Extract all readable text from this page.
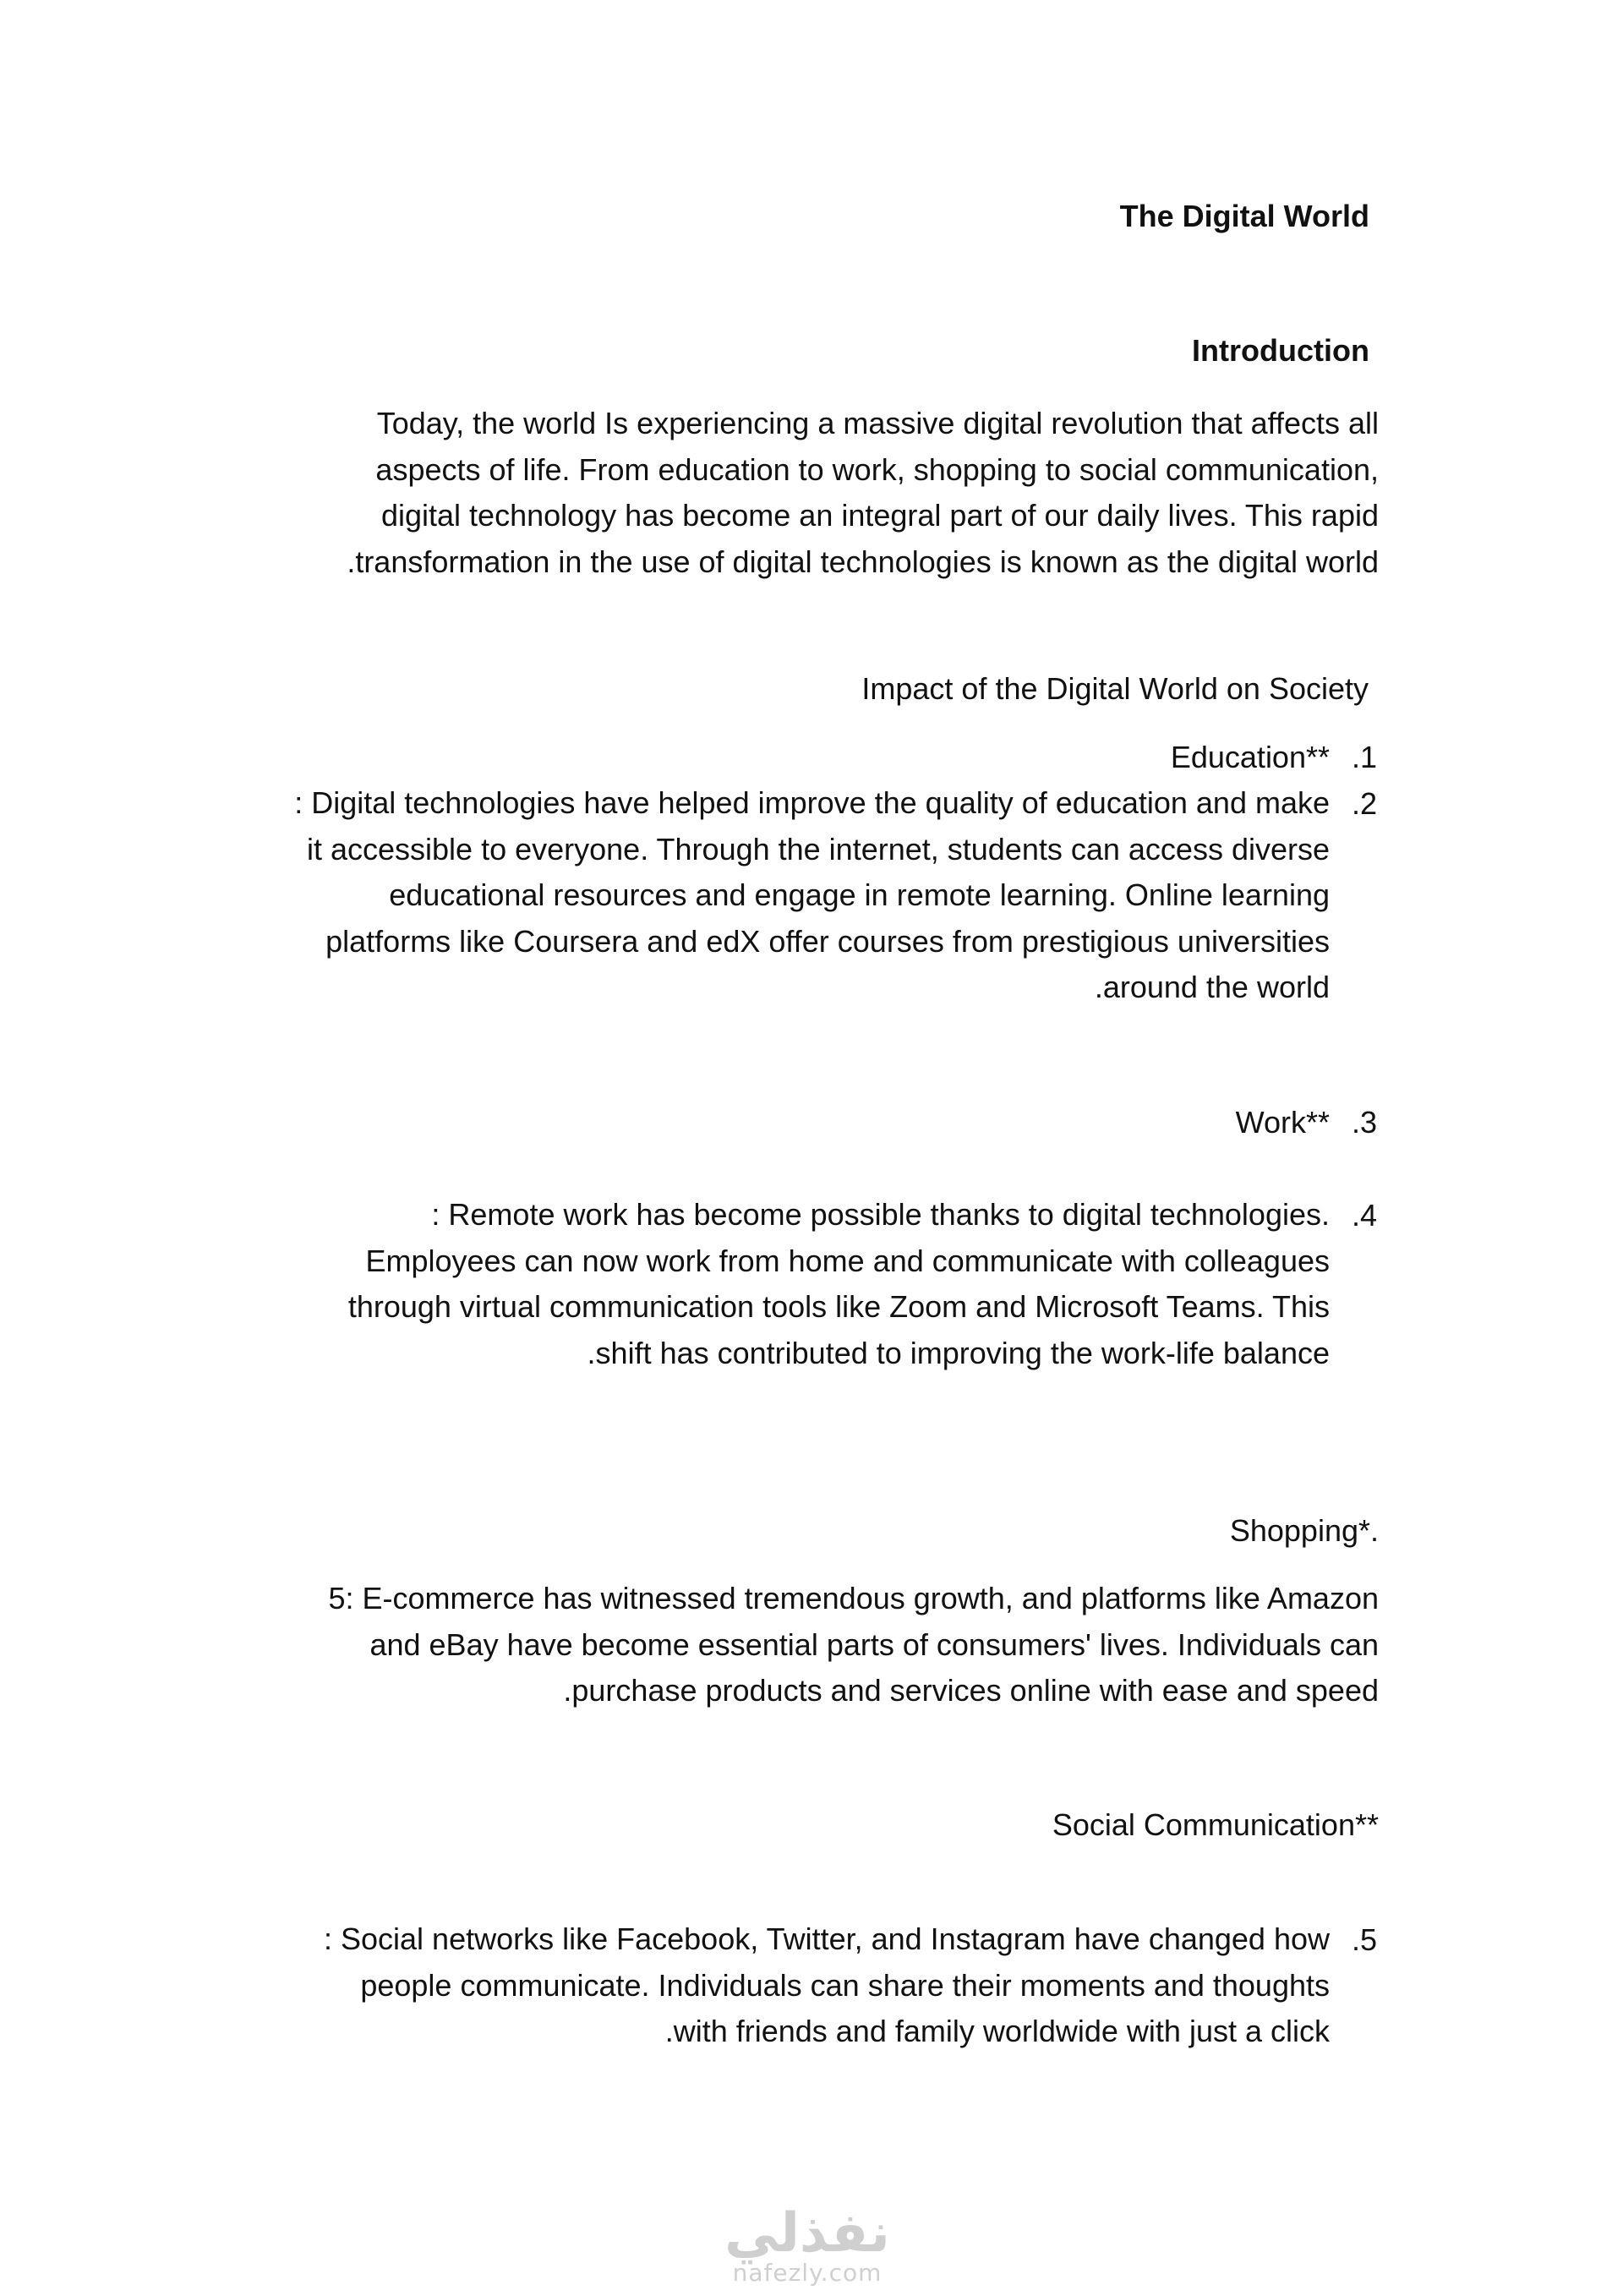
The Digital World
Introduction
Today, the world Is experiencing a massive digital revolution that affects all
aspects of life. From education to work, shopping to social communication,
digital technology has become an integral part of our daily lives. This rapid
.transformation in the use of digital technologies is known as the digital world
Impact of the Digital World on Society
.1
Education**
.2
: Digital technologies have helped improve the quality of education and make
it accessible to everyone. Through the internet, students can access diverse
educational resources and engage in remote learning. Online learning
platforms like Coursera and edX offer courses from prestigious universities
.around the world
.3
Work**
.4
: Remote work has become possible thanks to digital technologies.
Employees can now work from home and communicate with colleagues
through virtual communication tools like Zoom and Microsoft Teams. This
.shift has contributed to improving the work-life balance
Shopping*.
5: E-commerce has witnessed tremendous growth, and platforms like Amazon
and eBay have become essential parts of consumers' lives. Individuals can
.purchase products and services online with ease and speed
Social Communication**
.5
: Social networks like Facebook, Twitter, and Instagram have changed how
people communicate. Individuals can share their moments and thoughts
.with friends and family worldwide with just a click
نفذلي
nafezly.com
